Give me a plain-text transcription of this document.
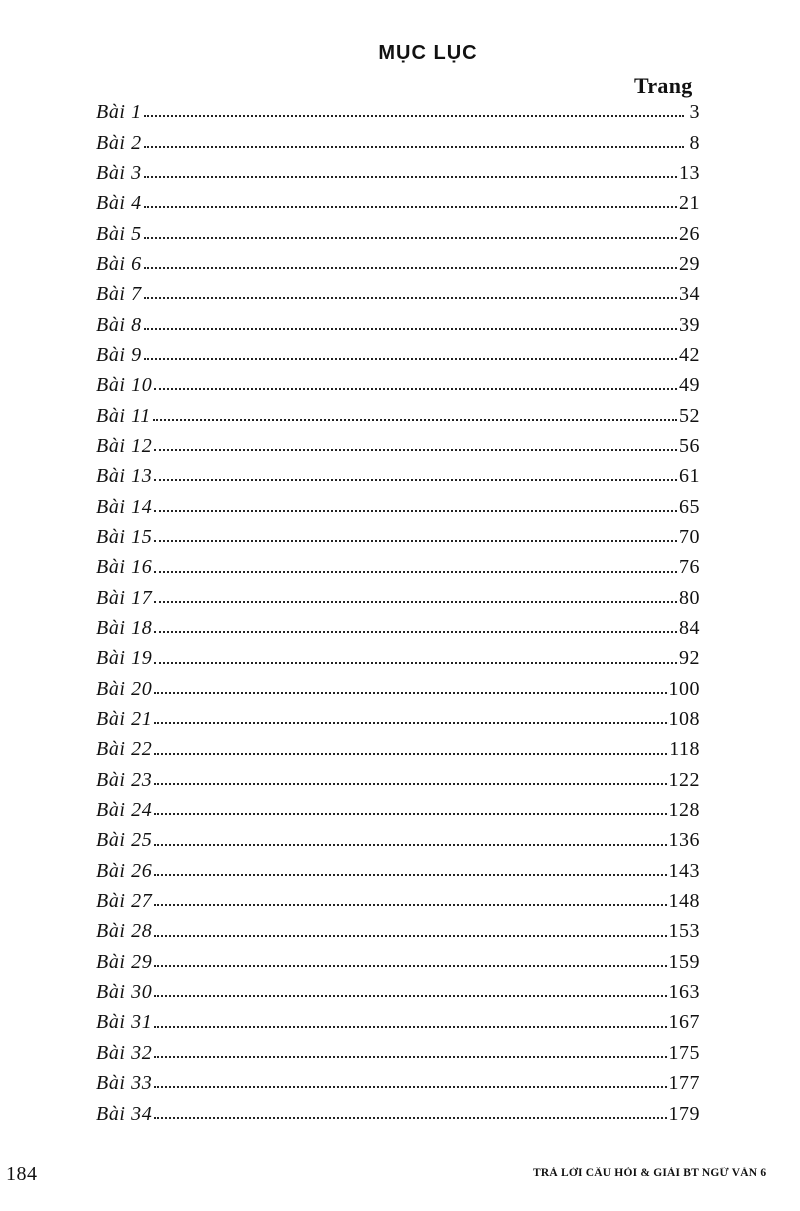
MỤC LỤC
Trang
Bài 1	3
Bài 2	8
Bài 3	13
Bài 4	21
Bài 5	26
Bài 6	29
Bài 7	34
Bài 8	39
Bài 9	42
Bài 10	49
Bài 11	52
Bài 12	56
Bài 13	61
Bài 14	65
Bài 15	70
Bài 16	76
Bài 17	80
Bài 18	84
Bài 19	92
Bài 20	100
Bài 21	108
Bài 22	118
Bài 23	122
Bài 24	128
Bài 25	136
Bài 26	143
Bài 27	148
Bài 28	153
Bài 29	159
Bài 30	163
Bài 31	167
Bài 32	175
Bài 33	177
Bài 34	179
184	TRẢ LỜI CÂU HỎI & GIẢI BT NGỮ VĂN 6
